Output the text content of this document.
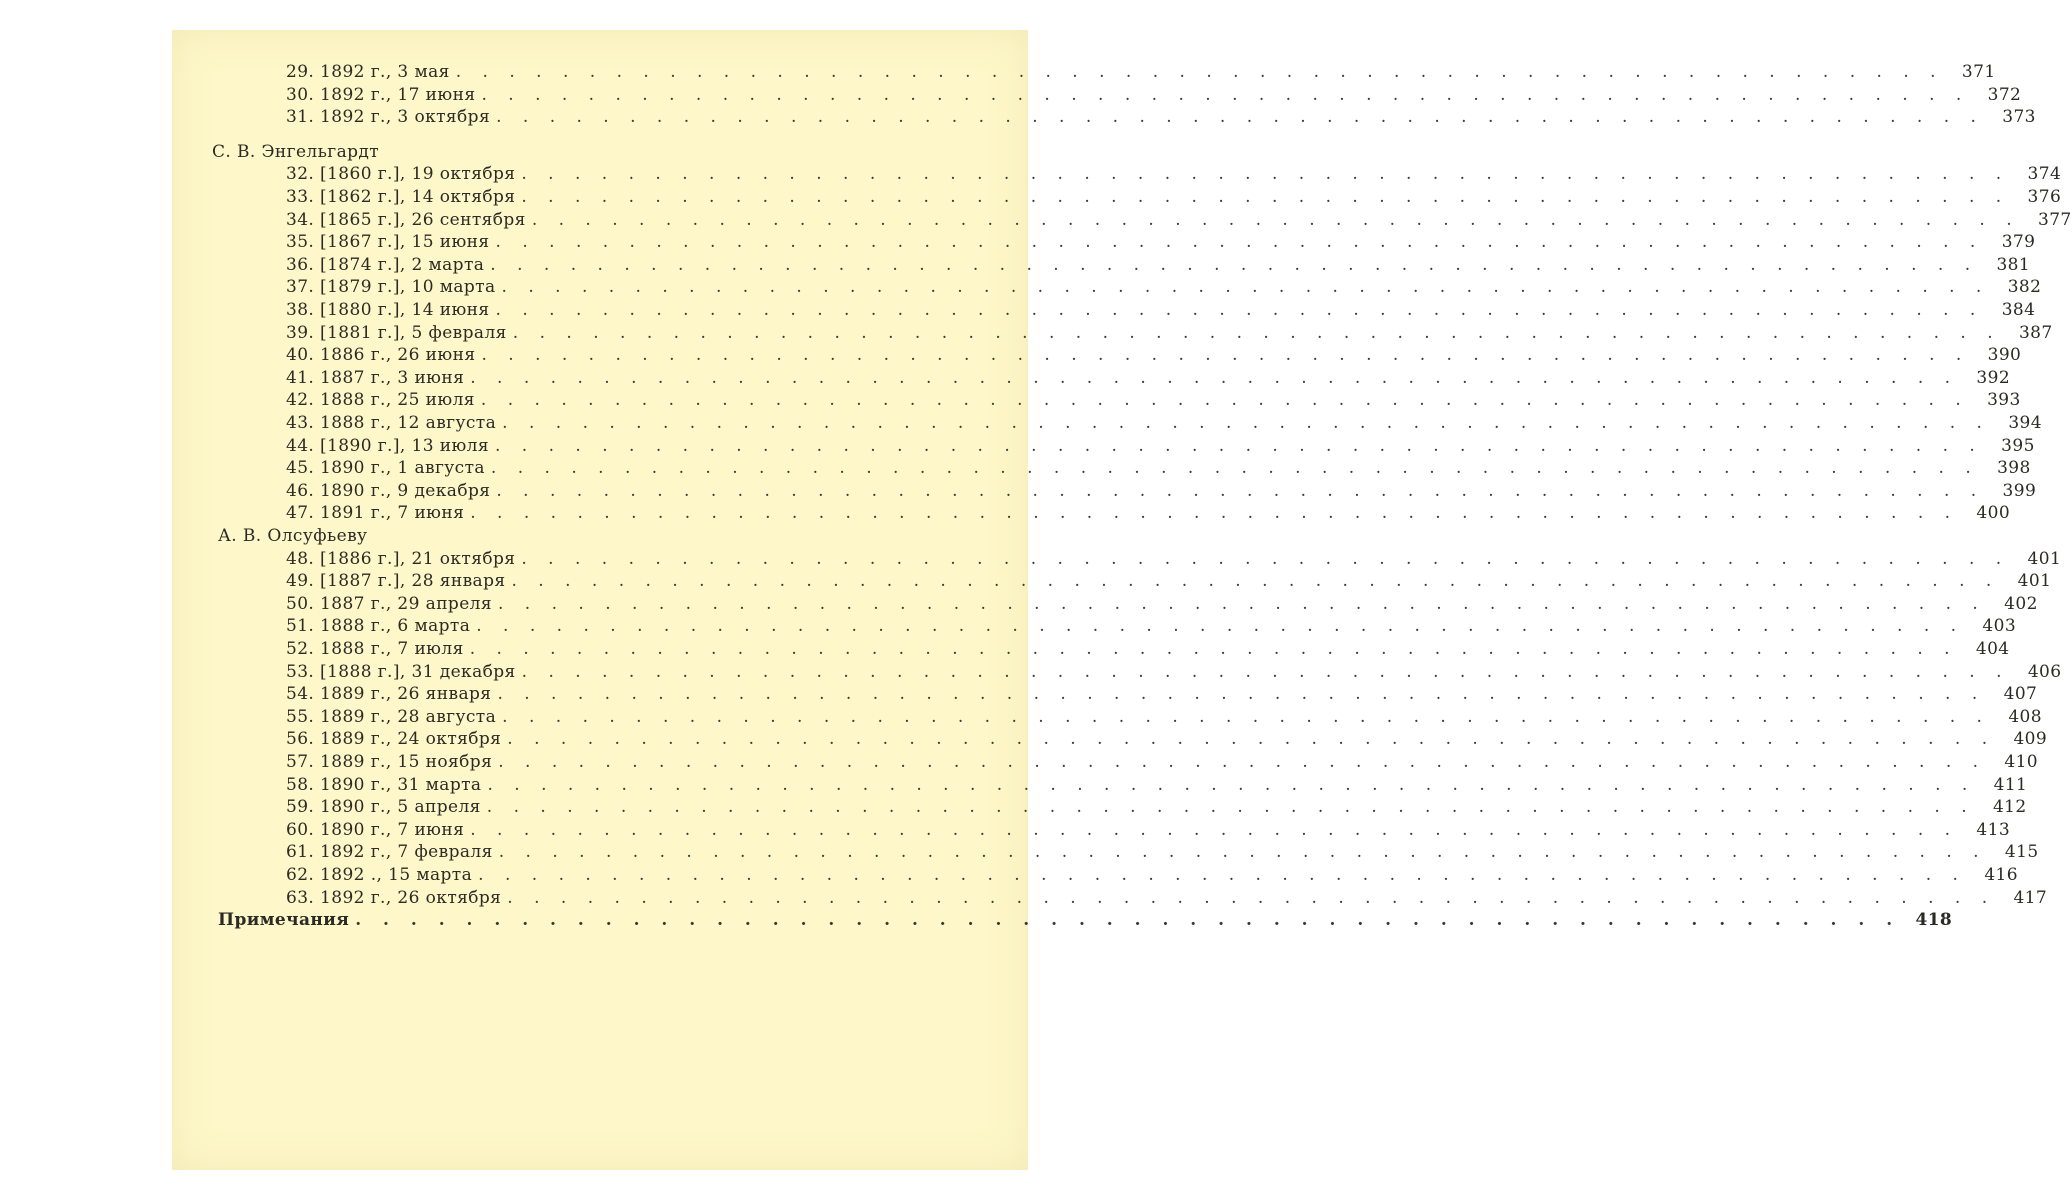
29. 1892 г., 3 мая . . . . . . . . . . . . . . . . . . . . . . . . . . . . . . . . . . . . . . . . . . . . . . . . . . . . . . . .	371
30. 1892 г., 17 июня . . . . . . . . . . . . . . . . . . . . . . . . . . . . . . . . . . . . . . . . . . . . . . . . . . . . . . . .	372
31. 1892 г., 3 октября . . . . . . . . . . . . . . . . . . . . . . . . . . . . . . . . . . . . . . . . . . . . . . . . . . . . . . . .	373
С. В. Энгельгардт
32. [1860 г.], 19 октября . . . . . . . . . . . . . . . . . . . . . . . . . . . . . . . . . . . . . . . . . . . . . . . . . . . . . . . .	374
33. [1862 г.], 14 октября . . . . . . . . . . . . . . . . . . . . . . . . . . . . . . . . . . . . . . . . . . . . . . . . . . . . . . . .	376
34. [1865 г.], 26 сентября . . . . . . . . . . . . . . . . . . . . . . . . . . . . . . . . . . . . . . . . . . . . . . . . . . . . . . . .	377
35. [1867 г.], 15 июня . . . . . . . . . . . . . . . . . . . . . . . . . . . . . . . . . . . . . . . . . . . . . . . . . . . . . . . .	379
36. [1874 г.], 2 марта . . . . . . . . . . . . . . . . . . . . . . . . . . . . . . . . . . . . . . . . . . . . . . . . . . . . . . . .	381
37. [1879 г.], 10 марта . . . . . . . . . . . . . . . . . . . . . . . . . . . . . . . . . . . . . . . . . . . . . . . . . . . . . . . .	382
38. [1880 г.], 14 июня . . . . . . . . . . . . . . . . . . . . . . . . . . . . . . . . . . . . . . . . . . . . . . . . . . . . . . . .	384
39. [1881 г.], 5 февраля . . . . . . . . . . . . . . . . . . . . . . . . . . . . . . . . . . . . . . . . . . . . . . . . . . . . . . . .	387
40. 1886 г., 26 июня . . . . . . . . . . . . . . . . . . . . . . . . . . . . . . . . . . . . . . . . . . . . . . . . . . . . . . . .	390
41. 1887 г., 3 июня . . . . . . . . . . . . . . . . . . . . . . . . . . . . . . . . . . . . . . . . . . . . . . . . . . . . . . . .	392
42. 1888 г., 25 июля . . . . . . . . . . . . . . . . . . . . . . . . . . . . . . . . . . . . . . . . . . . . . . . . . . . . . . . .	393
43. 1888 г., 12 августа . . . . . . . . . . . . . . . . . . . . . . . . . . . . . . . . . . . . . . . . . . . . . . . . . . . . . . . .	394
44. [1890 г.], 13 июля . . . . . . . . . . . . . . . . . . . . . . . . . . . . . . . . . . . . . . . . . . . . . . . . . . . . . . . .	395
45. 1890 г., 1 августа . . . . . . . . . . . . . . . . . . . . . . . . . . . . . . . . . . . . . . . . . . . . . . . . . . . . . . . .	398
46. 1890 г., 9 декабря . . . . . . . . . . . . . . . . . . . . . . . . . . . . . . . . . . . . . . . . . . . . . . . . . . . . . . . .	399
47. 1891 г., 7 июня . . . . . . . . . . . . . . . . . . . . . . . . . . . . . . . . . . . . . . . . . . . . . . . . . . . . . . . .	400
А. В. Олсуфьеву
48. [1886 г.], 21 октября . . . . . . . . . . . . . . . . . . . . . . . . . . . . . . . . . . . . . . . . . . . . . . . . . . . . . . . .	401
49. [1887 г.], 28 января . . . . . . . . . . . . . . . . . . . . . . . . . . . . . . . . . . . . . . . . . . . . . . . . . . . . . . . .	401
50. 1887 г., 29 апреля . . . . . . . . . . . . . . . . . . . . . . . . . . . . . . . . . . . . . . . . . . . . . . . . . . . . . . . .	402
51. 1888 г., 6 марта . . . . . . . . . . . . . . . . . . . . . . . . . . . . . . . . . . . . . . . . . . . . . . . . . . . . . . . .	403
52. 1888 г., 7 июля . . . . . . . . . . . . . . . . . . . . . . . . . . . . . . . . . . . . . . . . . . . . . . . . . . . . . . . .	404
53. [1888 г.], 31 декабря . . . . . . . . . . . . . . . . . . . . . . . . . . . . . . . . . . . . . . . . . . . . . . . . . . . . . . . .	406
54. 1889 г., 26 января . . . . . . . . . . . . . . . . . . . . . . . . . . . . . . . . . . . . . . . . . . . . . . . . . . . . . . . .	407
55. 1889 г., 28 августа . . . . . . . . . . . . . . . . . . . . . . . . . . . . . . . . . . . . . . . . . . . . . . . . . . . . . . . .	408
56. 1889 г., 24 октября . . . . . . . . . . . . . . . . . . . . . . . . . . . . . . . . . . . . . . . . . . . . . . . . . . . . . . . .	409
57. 1889 г., 15 ноября . . . . . . . . . . . . . . . . . . . . . . . . . . . . . . . . . . . . . . . . . . . . . . . . . . . . . . . .	410
58. 1890 г., 31 марта . . . . . . . . . . . . . . . . . . . . . . . . . . . . . . . . . . . . . . . . . . . . . . . . . . . . . . . .	411
59. 1890 г., 5 апреля . . . . . . . . . . . . . . . . . . . . . . . . . . . . . . . . . . . . . . . . . . . . . . . . . . . . . . . .	412
60. 1890 г., 7 июня . . . . . . . . . . . . . . . . . . . . . . . . . . . . . . . . . . . . . . . . . . . . . . . . . . . . . . . .	413
61. 1892 г., 7 февраля . . . . . . . . . . . . . . . . . . . . . . . . . . . . . . . . . . . . . . . . . . . . . . . . . . . . . . . .	415
62. 1892 ., 15 марта . . . . . . . . . . . . . . . . . . . . . . . . . . . . . . . . . . . . . . . . . . . . . . . . . . . . . . . .	416
63. 1892 г., 26 октября . . . . . . . . . . . . . . . . . . . . . . . . . . . . . . . . . . . . . . . . . . . . . . . . . . . . . . . .	417
Примечания . . . . . . . . . . . . . . . . . . . . . . . . . . . . . . . . . . . . . . . . . . . . . . . . . . . . . . . . 418
